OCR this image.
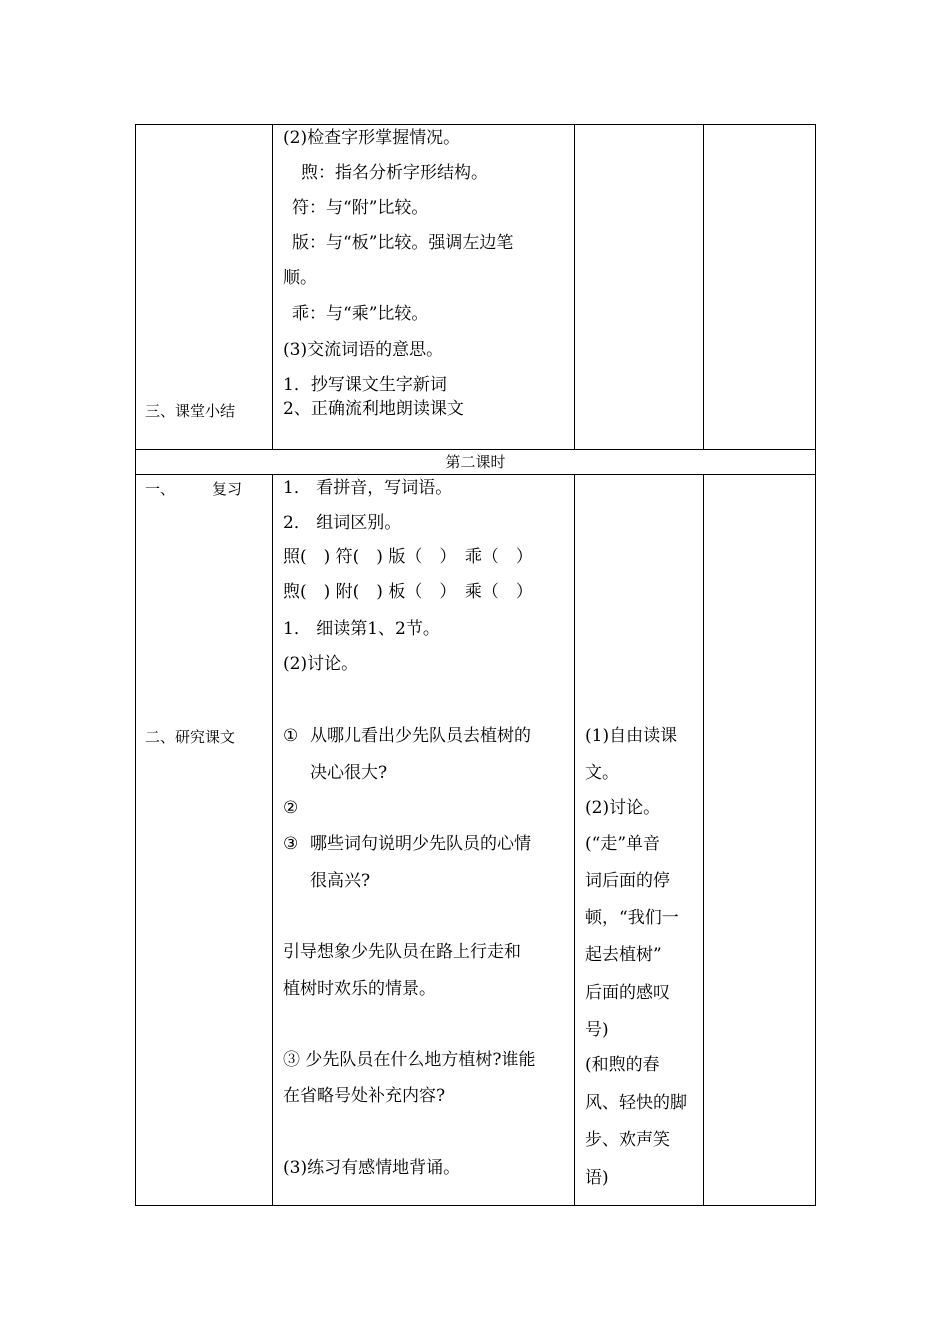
(2)检查字形掌握情况。
煦：指名分析字形结构。
符：与“附”比较。
版：与“板”比较。强调左边笔
顺。
乖：与“乘”比较。
(3)交流词语的意思。
1．抄写课文生字新词
2、正确流利地朗读课文
三、课堂小结
第二课时
一、 复习
二、研究课文
1． 看拼音，写词语。
2． 组词区别。
照(　) 符(　) 版（　）　乖（　）
煦(　) 附(　) 板（　）　乘（　）
1． 细读第1、2节。
(2)讨论。
① 从哪儿看出少先队员去植树的
决心很大?
②
③ 哪些词句说明少先队员的心情
很高兴?
引导想象少先队员在路上行走和
植树时欢乐的情景。
③ 少先队员在什么地方植树?谁能
在省略号处补充内容?
(3)练习有感情地背诵。
(1)自由读课
文。
(2)讨论。
(“走”单音
词后面的停
顿，“我们一
起去植树”
后面的感叹
号)
(和煦的春
风、轻快的脚
步、欢声笑
语)
